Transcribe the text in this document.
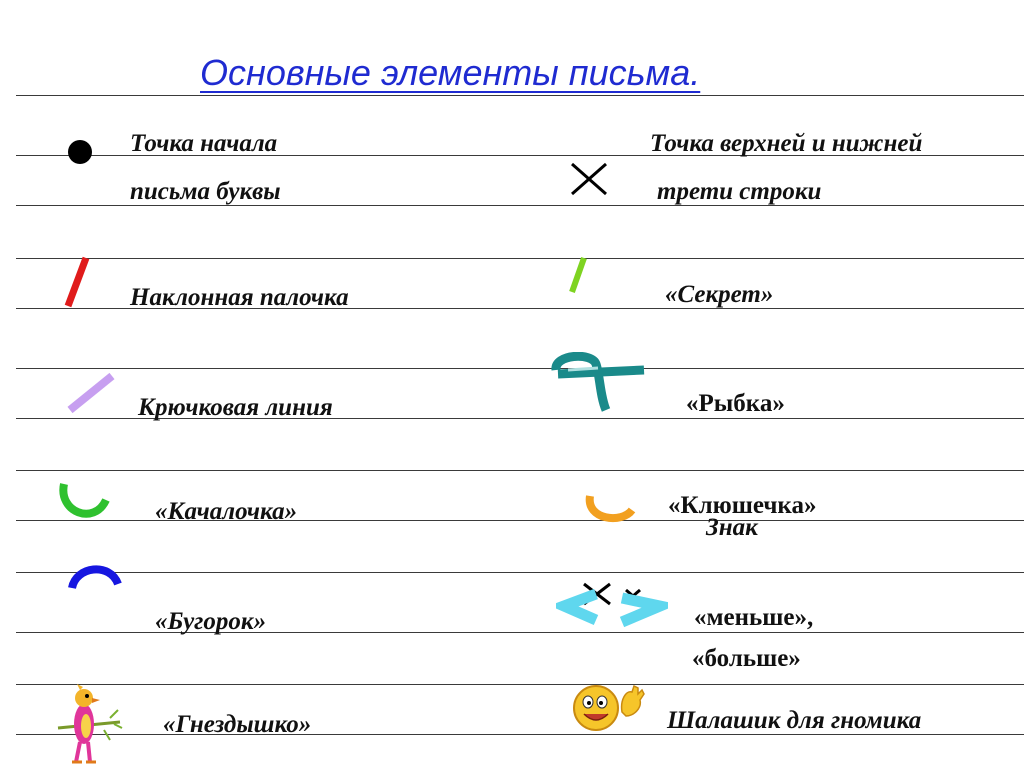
Основные элементы письма.
Точка начала
письма буквы
Наклонная палочка
Крючковая линия
«Качалочка»
«Бугорок»
«Гнездышко»
Точка верхней и нижней
трети строки
«Секрет»
«Рыбка»
«Клюшечка»
Знак
«меньше»,
«больше»
Шалашик для гномика
